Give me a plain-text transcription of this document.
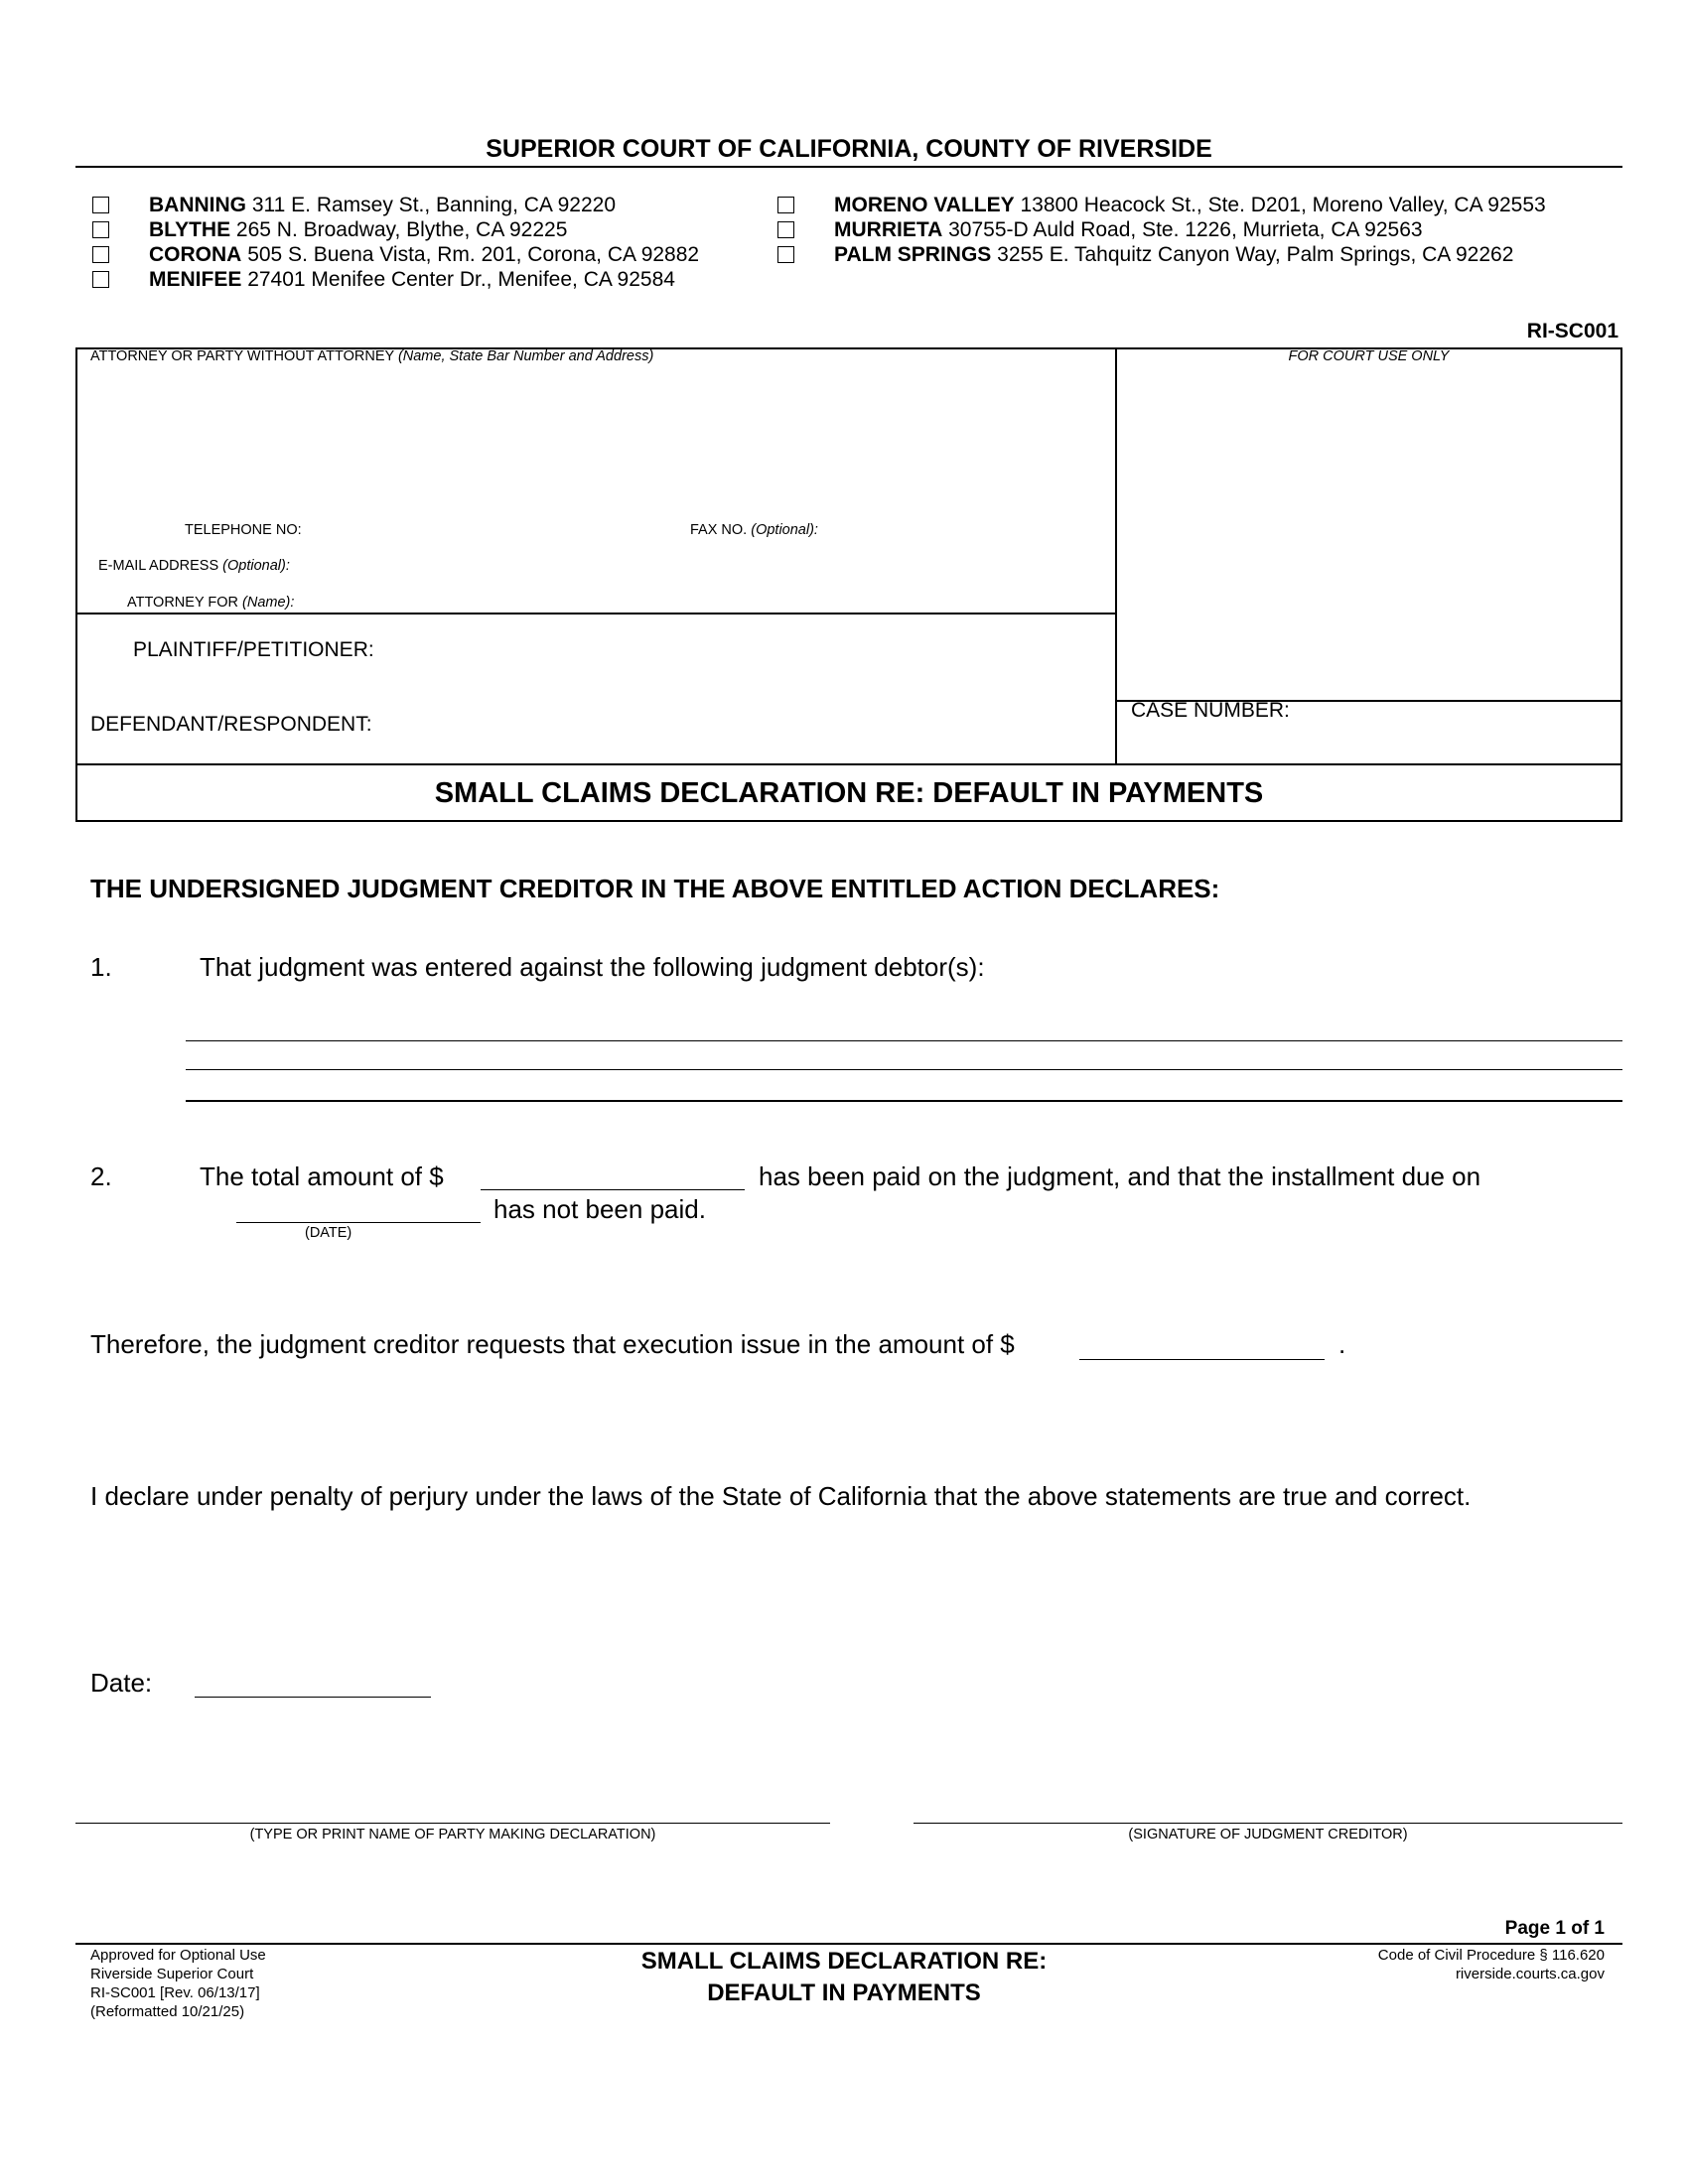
SUPERIOR COURT OF CALIFORNIA, COUNTY OF RIVERSIDE
BANNING 311 E. Ramsey St., Banning, CA 92220
BLYTHE 265 N. Broadway, Blythe, CA 92225
CORONA 505 S. Buena Vista, Rm. 201, Corona, CA 92882
MENIFEE 27401 Menifee Center Dr., Menifee, CA 92584
MORENO VALLEY 13800 Heacock St., Ste. D201, Moreno Valley, CA 92553
MURRIETA 30755-D Auld Road, Ste. 1226, Murrieta, CA 92563
PALM SPRINGS 3255 E. Tahquitz Canyon Way, Palm Springs, CA 92262
RI-SC001
ATTORNEY OR PARTY WITHOUT ATTORNEY (Name, State Bar Number and Address)	FOR COURT USE ONLY
TELEPHONE NO:	FAX NO. (Optional):
E-MAIL ADDRESS (Optional):
ATTORNEY FOR (Name):
PLAINTIFF/PETITIONER:
DEFENDANT/RESPONDENT:
CASE NUMBER:
SMALL CLAIMS DECLARATION RE: DEFAULT IN PAYMENTS
THE UNDERSIGNED JUDGMENT CREDITOR IN THE ABOVE ENTITLED ACTION DECLARES:
1.	That judgment was entered against the following judgment debtor(s):
2.	The total amount of $	has been paid on the judgment, and that the installment due on
has not been paid.
(DATE)
Therefore, the judgment creditor requests that execution issue in the amount of $	.
I declare under penalty of perjury under the laws of the State of California that the above statements are true and correct.
Date:
(TYPE OR PRINT NAME OF PARTY MAKING DECLARATION)	(SIGNATURE OF JUDGMENT CREDITOR)
Page 1 of 1
Approved for Optional Use
Riverside Superior Court
RI-SC001 [Rev. 06/13/17]
(Reformatted 10/21/25)
SMALL CLAIMS DECLARATION RE:
DEFAULT IN PAYMENTS
Code of Civil Procedure § 116.620
riverside.courts.ca.gov
